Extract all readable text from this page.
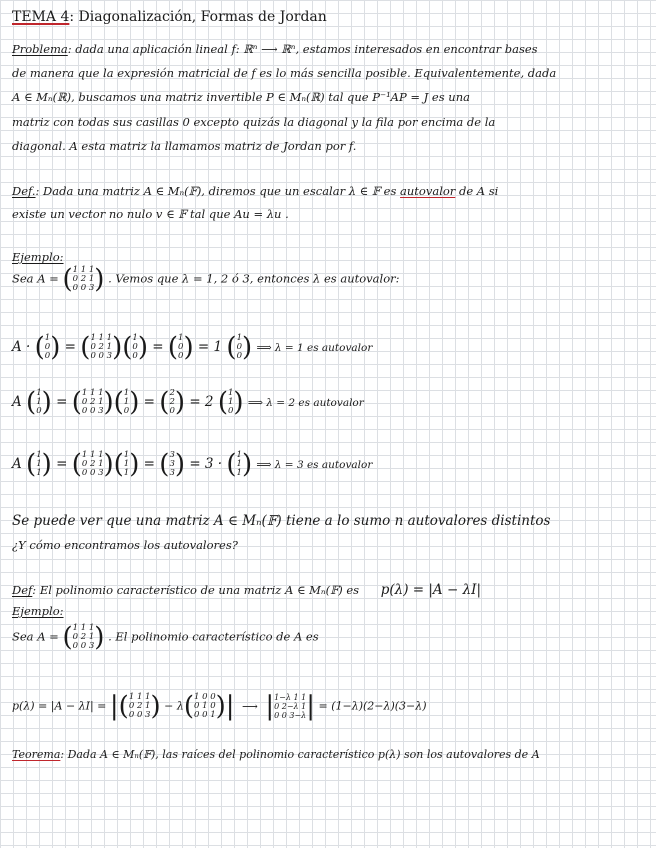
TEMA 4: Diagonalización, Formas de Jordan
Problema: dada una aplicación lineal f: ℝⁿ ⟶ ℝⁿ, estamos interesados en encontrar bases
de manera que la expresión matricial de f es lo más sencilla posible. Equivalentemente, dada
A ∈ Mₙ(ℝ), buscamos una matriz invertible P ∈ Mₙ(ℝ) tal que P⁻¹AP = J es una
matriz con todas sus casillas 0 excepto quizás la diagonal y la fila por encima de la
diagonal. A esta matriz la llamamos matriz de Jordan por f.
Def.: Dada una matriz A ∈ Mₙ(𝔽), diremos que un escalar λ ∈ 𝔽 es autovalor de A si
existe un vector no nulo v ∈ 𝔽 tal que Au = λu .
Ejemplo:
Sea A = (1 1 1
0 2 1
0 0 3) . Vemos que λ = 1, 2 ó 3, entonces λ es autovalor:
A · (1
0
0) = (1 1 1
0 2 1
0 0 3)(1
0
0) = (1
0
0) = 1 (1
0
0) ⟹ λ = 1 es autovalor
A (1
1
0) = (1 1 1
0 2 1
0 0 3)(1
1
0) = (2
2
0) = 2 (1
1
0) ⟹ λ = 2 es autovalor
A (1
1
1) = (1 1 1
0 2 1
0 0 3)(1
1
1) = (3
3
3) = 3 · (1
1
1) ⟹ λ = 3 es autovalor
Se puede ver que una matriz A ∈ Mₙ(𝔽) tiene a lo sumo n autovalores distintos
¿Y cómo encontramos los autovalores?
Def: El polinomio característico de una matriz A ∈ Mₙ(𝔽) es p(λ) = |A − λI|
Ejemplo:
Sea A = (1 1 1
0 2 1
0 0 3) . El polinomio característico de A es
p(λ) = |A − λI| = |(1 1 1
0 2 1
0 0 3) − λ(1 0 0
0 1 0
0 0 1)| ⟶ |1−λ 1 1
0 2−λ 1
0 0 3−λ| = (1−λ)(2−λ)(3−λ)
Teorema: Dada A ∈ Mₙ(𝔽), las raíces del polinomio característico p(λ) son los autovalores de A
